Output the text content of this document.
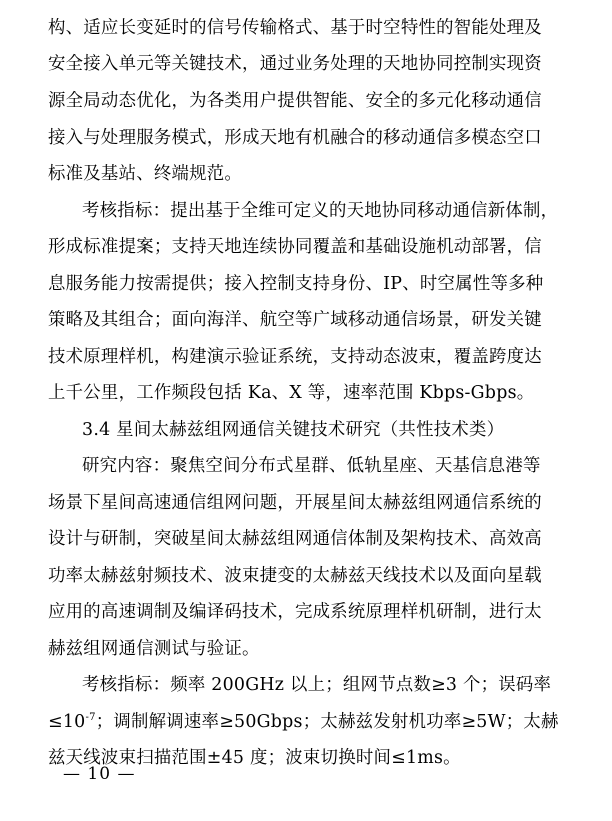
构、适应长变延时的信号传输格式、基于时空特性的智能处理及
安全接入单元等关键技术，通过业务处理的天地协同控制实现资
源全局动态优化，为各类用户提供智能、安全的多元化移动通信
接入与处理服务模式，形成天地有机融合的移动通信多模态空口
标准及基站、终端规范。
考核指标：提出基于全维可定义的天地协同移动通信新体制，
形成标准提案；支持天地连续协同覆盖和基础设施机动部署，信
息服务能力按需提供；接入控制支持身份、IP、时空属性等多种
策略及其组合；面向海洋、航空等广域移动通信场景，研发关键
技术原理样机，构建演示验证系统，支持动态波束，覆盖跨度达
上千公里，工作频段包括 Ka、X 等，速率范围 Kbps-Gbps。
3.4 星间太赫兹组网通信关键技术研究（共性技术类）
研究内容：聚焦空间分布式星群、低轨星座、天基信息港等
场景下星间高速通信组网问题，开展星间太赫兹组网通信系统的
设计与研制，突破星间太赫兹组网通信体制及架构技术、高效高
功率太赫兹射频技术、波束捷变的太赫兹天线技术以及面向星载
应用的高速调制及编译码技术，完成系统原理样机研制，进行太
赫兹组网通信测试与验证。
考核指标：频率 200GHz 以上；组网节点数≥3 个；误码率
$\le 10^{-7}$；调制解调速率≥50Gbps；太赫兹发射机功率≥5W；太赫
兹天线波束扫描范围±45 度；波束切换时间≤1ms。
— 10 —
